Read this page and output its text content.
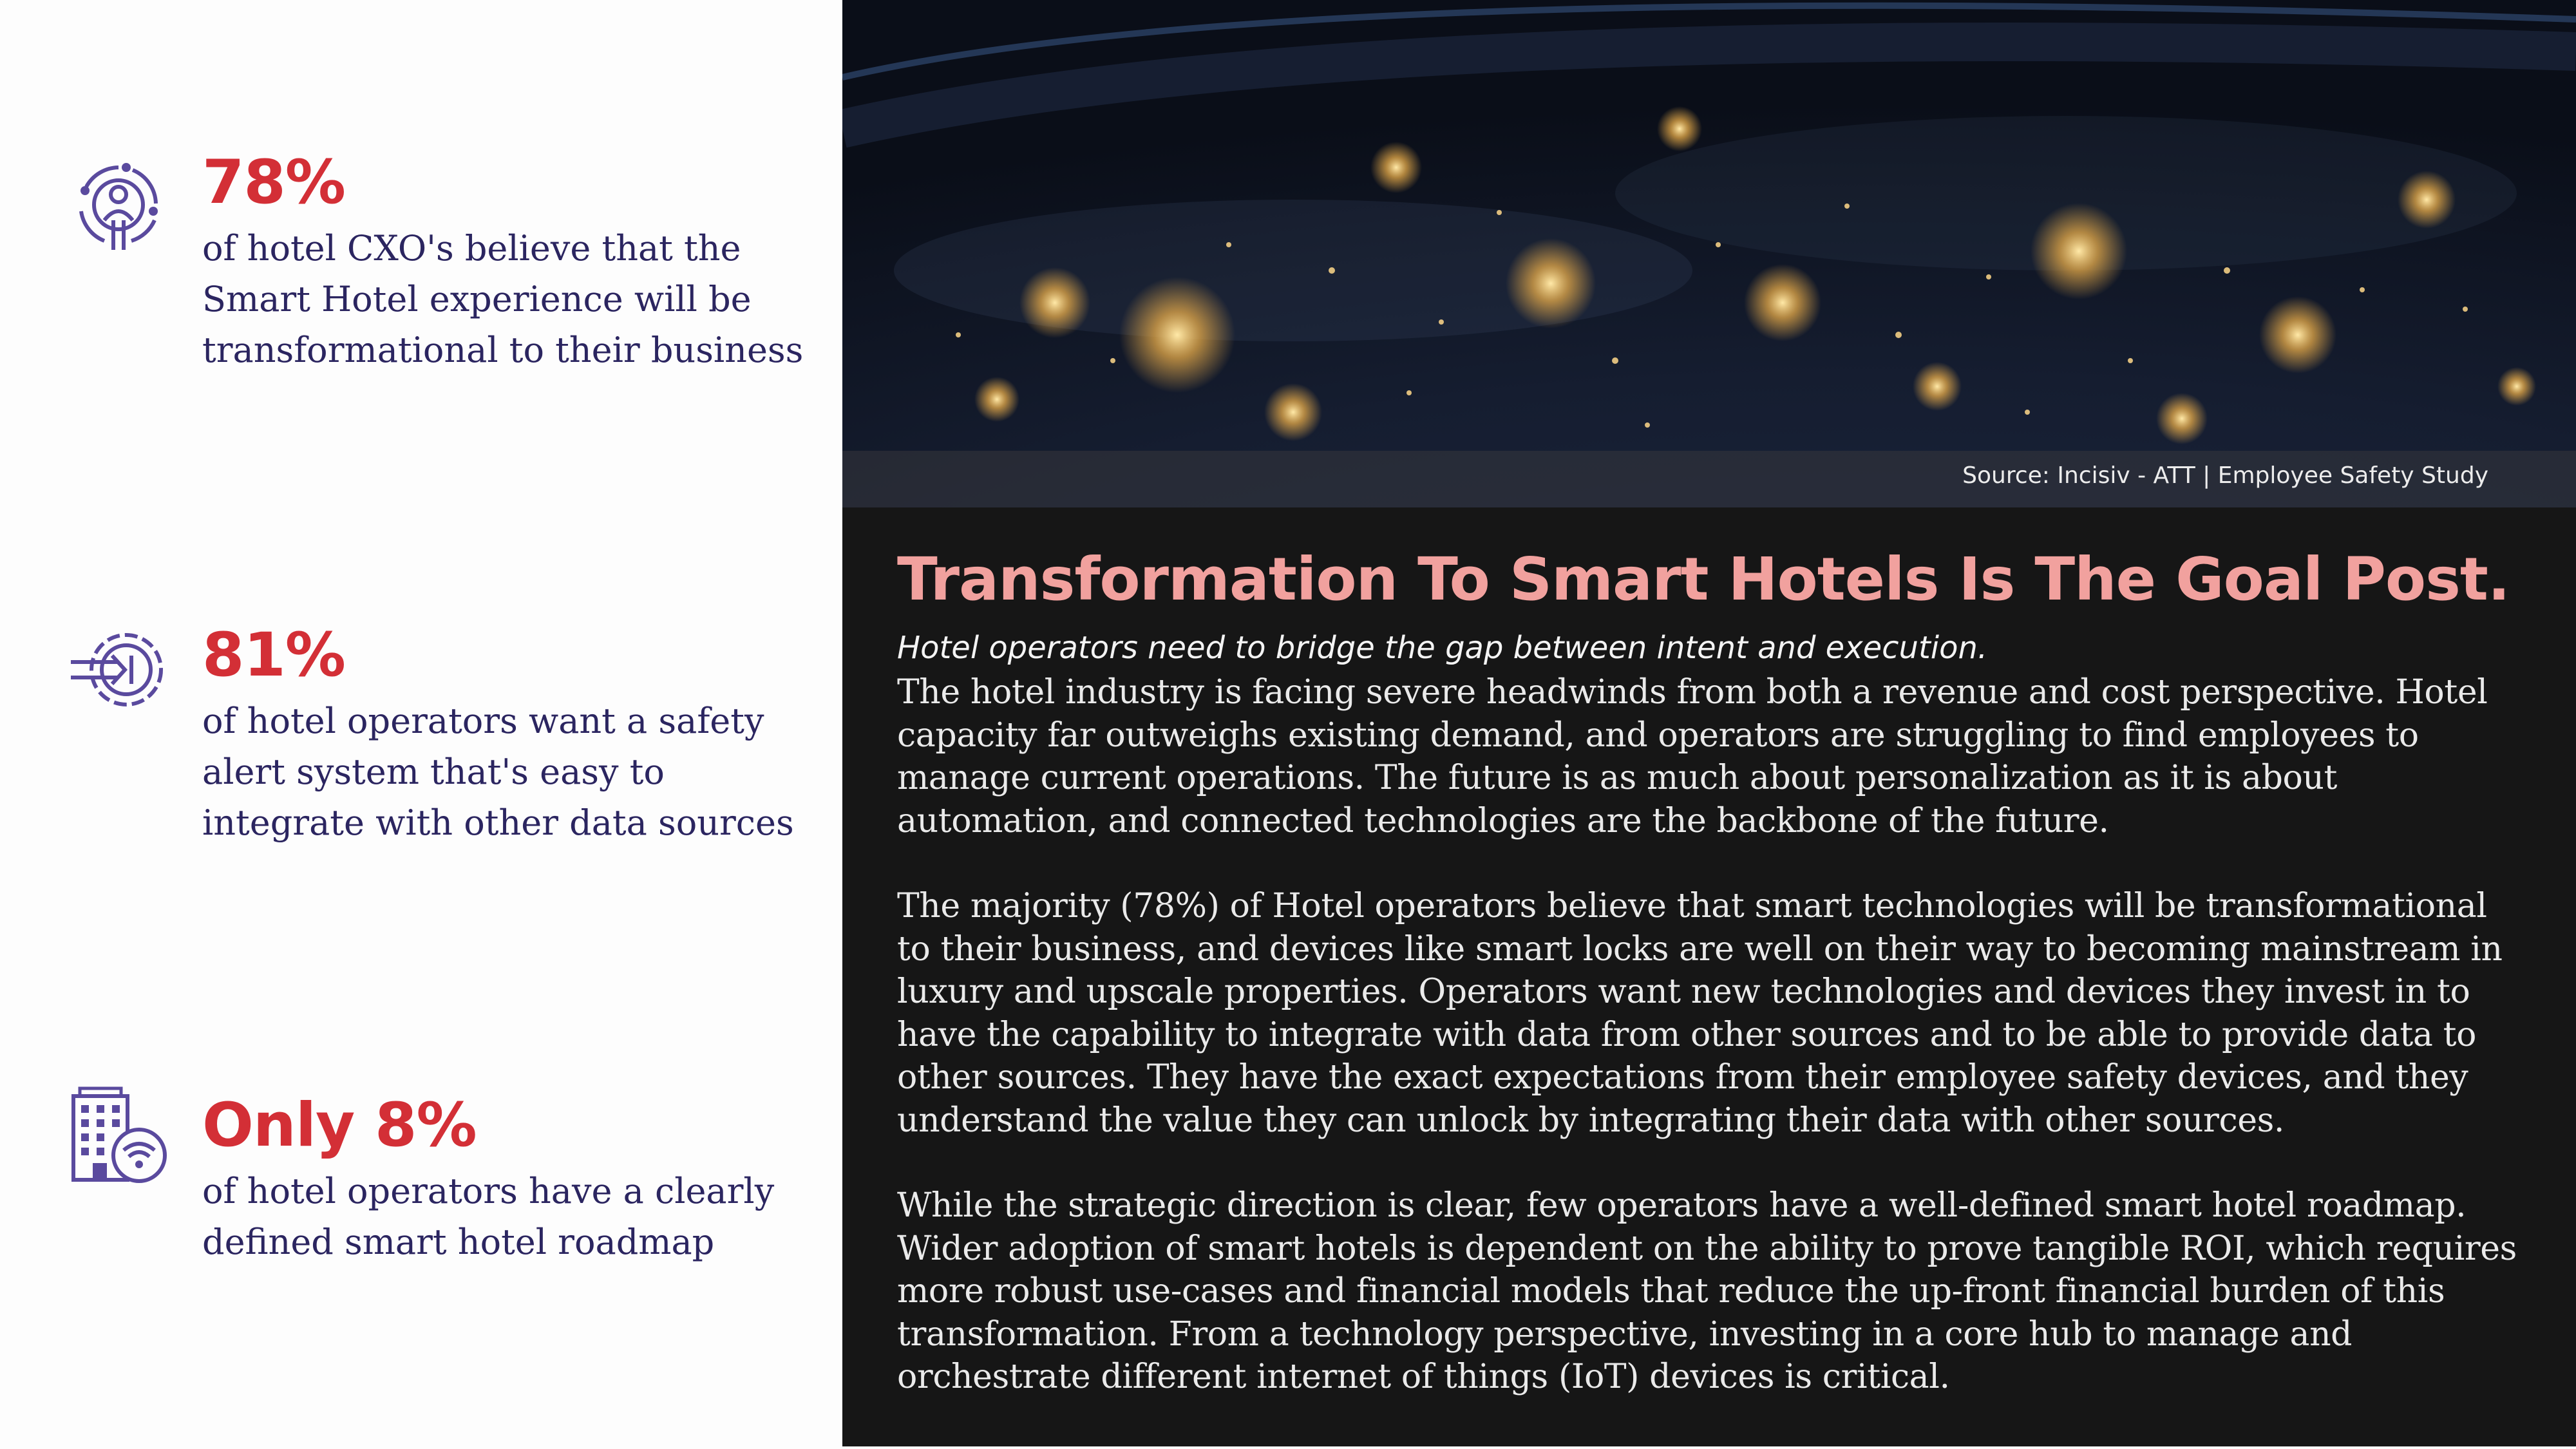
78%

of hotel CXO's believe that the Smart Hotel experience will be transformational to their business

81%

of hotel operators want a safety alert system that's easy to integrate with other data sources

Only 8%

of hotel operators have a clearly defined smart hotel roadmap

Source: Incisiv - ATT | Employee Safety Study

Transformation To Smart Hotels Is The Goal Post.

Hotel operators need to bridge the gap between intent and execution.

The hotel industry is facing severe headwinds from both a revenue and cost perspective. Hotel capacity far outweighs existing demand, and operators are struggling to find employees to manage current operations. The future is as much about personalization as it is about automation, and connected technologies are the backbone of the future.

The majority (78%) of Hotel operators believe that smart technologies will be transformational to their business, and devices like smart locks are well on their way to becoming mainstream in luxury and upscale properties. Operators want new technologies and devices they invest in to have the capability to integrate with data from other sources and to be able to provide data to other sources. They have the exact expectations from their employee safety devices, and they understand the value they can unlock by integrating their data with other sources.

While the strategic direction is clear, few operators have a well-defined smart hotel roadmap. Wider adoption of smart hotels is dependent on the ability to prove tangible ROI, which requires more robust use-cases and financial models that reduce the up-front financial burden of this transformation. From a technology perspective, investing in a core hub to manage and orchestrate different internet of things (IoT) devices is critical.
